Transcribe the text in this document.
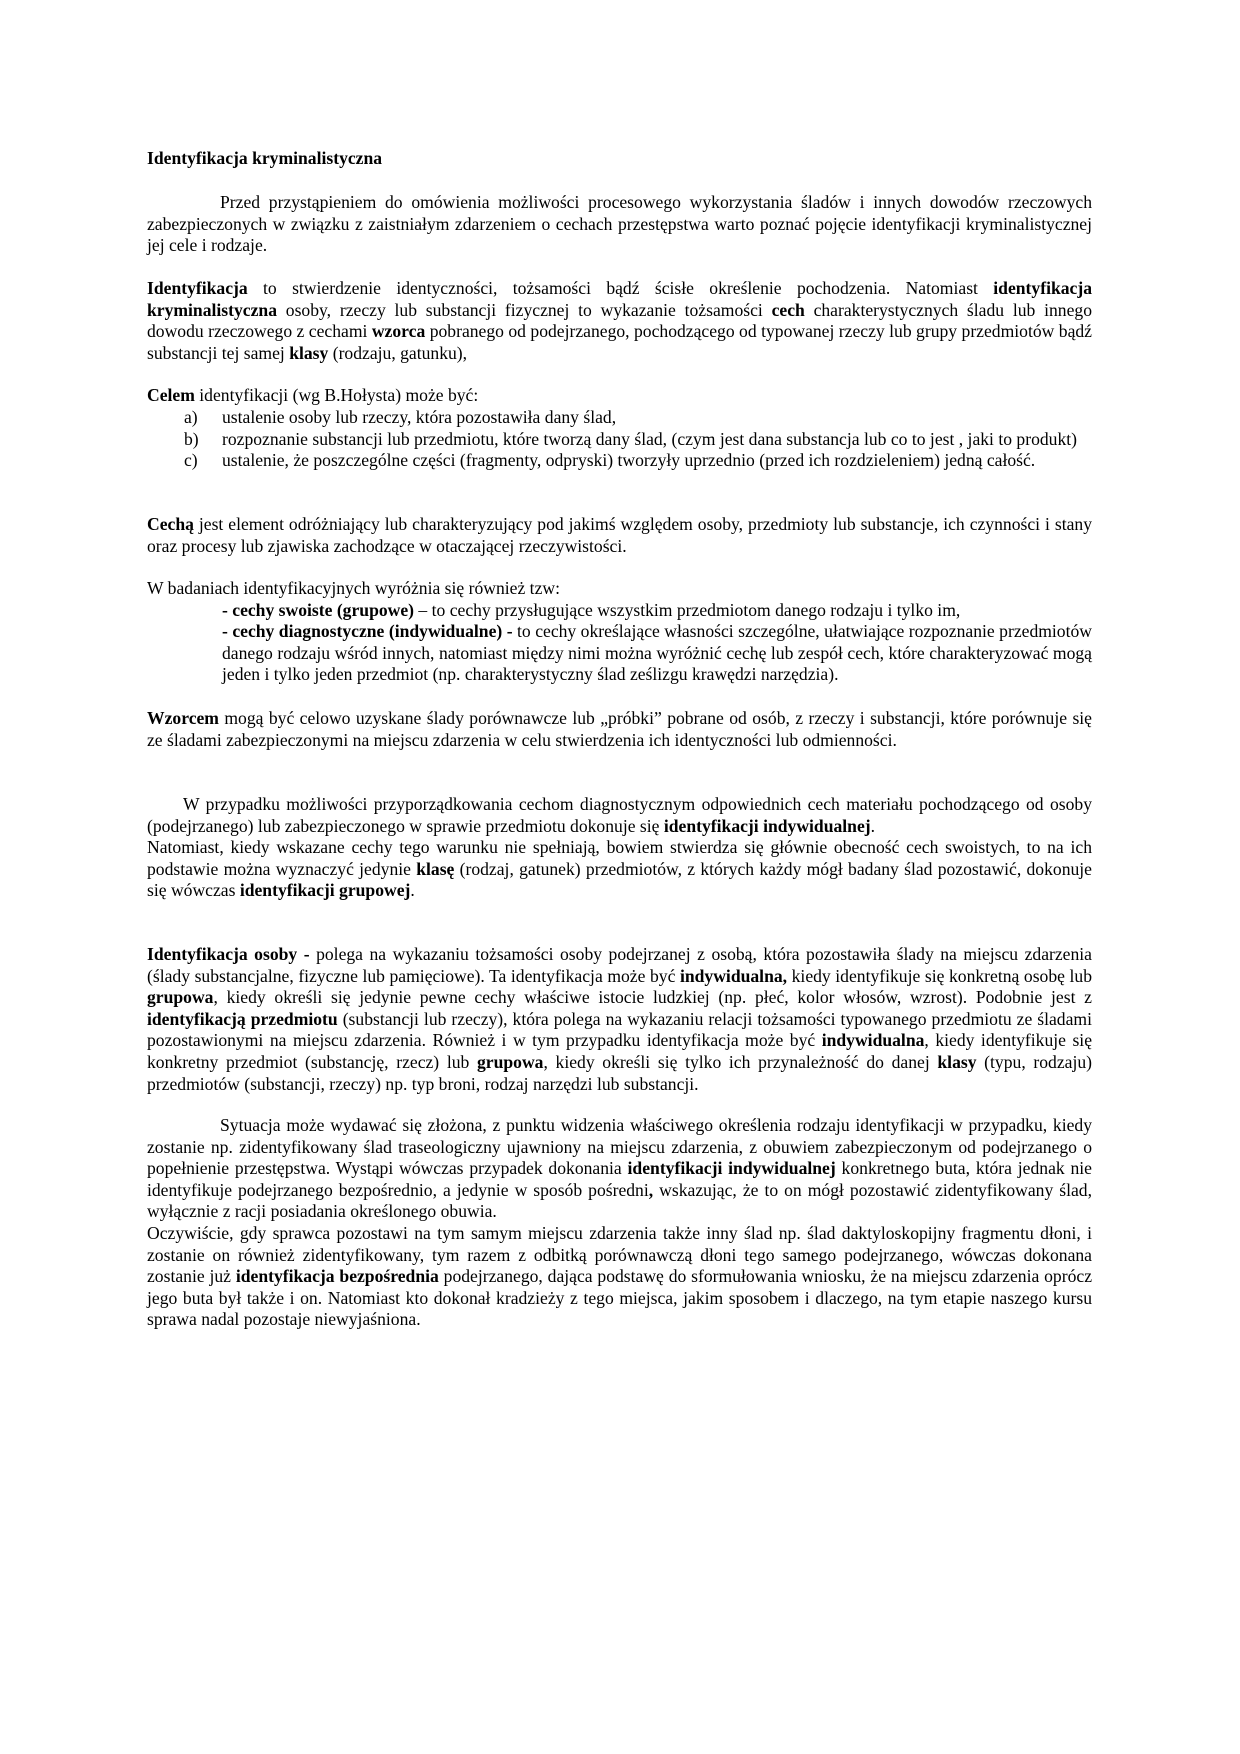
Identyfikacja kryminalistyczna

Przed przystąpieniem do omówienia możliwości procesowego wykorzystania śladów i innych dowodów rzeczowych zabezpieczonych w związku z zaistniałym zdarzeniem o cechach przestępstwa warto poznać pojęcie identyfikacji kryminalistycznej jej cele i rodzaje.

Identyfikacja to stwierdzenie identyczności, tożsamości bądź ścisłe określenie pochodzenia. Natomiast identyfikacja kryminalistyczna osoby, rzeczy lub substancji fizycznej to wykazanie tożsamości cech charakterystycznych śladu lub innego dowodu rzeczowego z cechami wzorca pobranego od podejrzanego, pochodzącego od typowanej rzeczy lub grupy przedmiotów bądź substancji tej samej klasy (rodzaju, gatunku),

Celem identyfikacji (wg B.Hołysta) może być:

a) ustalenie osoby lub rzeczy, która pozostawiła dany ślad,
b) rozpoznanie substancji lub przedmiotu, które tworzą dany ślad, (czym jest dana substancja lub co to jest , jaki to produkt)
c) ustalenie, że poszczególne części (fragmenty, odpryski) tworzyły uprzednio (przed ich rozdzieleniem) jedną całość.

Cechą jest element odróżniający lub charakteryzujący pod jakimś względem osoby, przedmioty lub substancje, ich czynności i stany oraz procesy lub zjawiska zachodzące w otaczającej rzeczywistości.

W badaniach identyfikacyjnych wyróżnia się również tzw:

- cechy swoiste (grupowe) – to cechy przysługujące wszystkim przedmiotom danego rodzaju i tylko im,

- cechy diagnostyczne (indywidualne) - to cechy określające własności szczególne, ułatwiające rozpoznanie przedmiotów danego rodzaju wśród innych, natomiast między nimi można wyróżnić cechę lub zespół cech, które charakteryzować mogą jeden i tylko jeden przedmiot (np. charakterystyczny ślad ześlizgu krawędzi narzędzia).

Wzorcem mogą być celowo uzyskane ślady porównawcze lub „próbki” pobrane od osób, z rzeczy i substancji, które porównuje się ze śladami zabezpieczonymi na miejscu zdarzenia w celu stwierdzenia ich identyczności lub odmienności.

W przypadku możliwości przyporządkowania cechom diagnostycznym odpowiednich cech materiału pochodzącego od osoby (podejrzanego) lub zabezpieczonego w sprawie przedmiotu dokonuje się identyfikacji indywidualnej.

Natomiast, kiedy wskazane cechy tego warunku nie spełniają, bowiem stwierdza się głównie obecność cech swoistych, to na ich podstawie można wyznaczyć jedynie klasę (rodzaj, gatunek) przedmiotów, z których każdy mógł badany ślad pozostawić, dokonuje się wówczas identyfikacji grupowej.

Identyfikacja osoby - polega na wykazaniu tożsamości osoby podejrzanej z osobą, która pozostawiła ślady na miejscu zdarzenia (ślady substancjalne, fizyczne lub pamięciowe). Ta identyfikacja może być indywidualna, kiedy identyfikuje się konkretną osobę lub grupowa, kiedy określi się jedynie pewne cechy właściwe istocie ludzkiej (np. płeć, kolor włosów, wzrost). Podobnie jest z identyfikacją przedmiotu (substancji lub rzeczy), która polega na wykazaniu relacji tożsamości typowanego przedmiotu ze śladami pozostawionymi na miejscu zdarzenia. Również i w tym przypadku identyfikacja może być indywidualna, kiedy identyfikuje się konkretny przedmiot (substancję, rzecz) lub grupowa, kiedy określi się tylko ich przynależność do danej klasy (typu, rodzaju) przedmiotów (substancji, rzeczy) np. typ broni, rodzaj narzędzi lub substancji.

Sytuacja może wydawać się złożona, z punktu widzenia właściwego określenia rodzaju identyfikacji w przypadku, kiedy zostanie np. zidentyfikowany ślad traseologiczny ujawniony na miejscu zdarzenia, z obuwiem zabezpieczonym od podejrzanego o popełnienie przestępstwa. Wystąpi wówczas przypadek dokonania identyfikacji indywidualnej konkretnego buta, która jednak nie identyfikuje podejrzanego bezpośrednio, a jedynie w sposób pośredni, wskazując, że to on mógł pozostawić zidentyfikowany ślad, wyłącznie z racji posiadania określonego obuwia.

Oczywiście, gdy sprawca pozostawi na tym samym miejscu zdarzenia także inny ślad np. ślad daktyloskopijny fragmentu dłoni, i zostanie on również zidentyfikowany, tym razem z odbitką porównawczą dłoni tego samego podejrzanego, wówczas dokonana zostanie już identyfikacja bezpośrednia podejrzanego, dająca podstawę do sformułowania wniosku, że na miejscu zdarzenia oprócz jego buta był także i on. Natomiast kto dokonał kradzieży z tego miejsca, jakim sposobem i dlaczego, na tym etapie naszego kursu sprawa nadal pozostaje niewyjaśniona.
